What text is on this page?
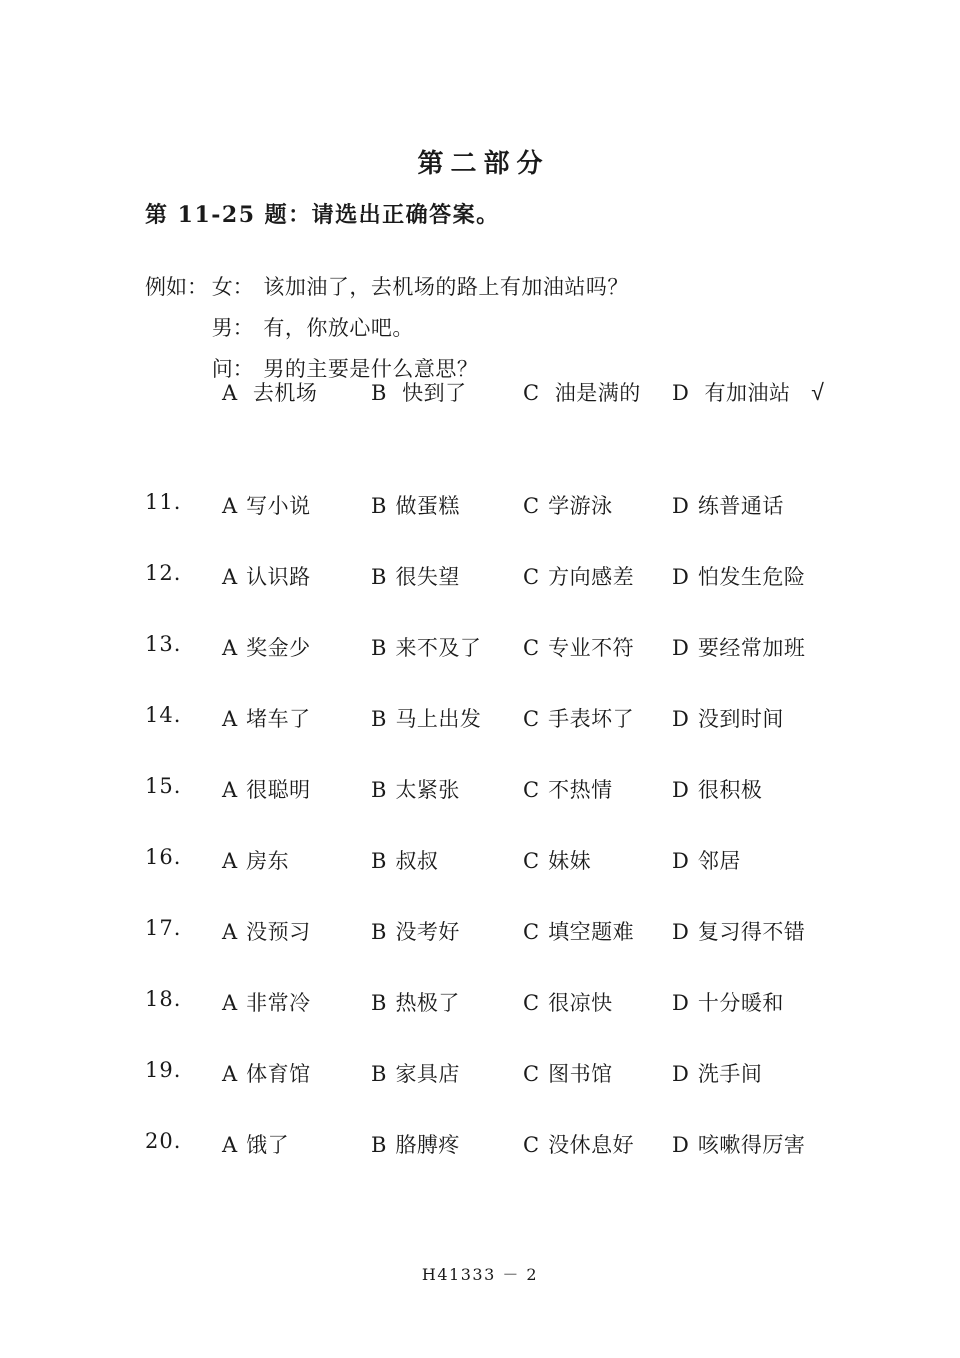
第二部分
第 11-25 题：请选出正确答案。
例如： 女： 该加油了，去机场的路上有加油站吗？
男： 有，你放心吧。
问： 男的主要是什么意思？
A 去机场	B 快到了	C 油是满的 D 有加油站 √
11. A 写小说	B 做蛋糕	C 学游泳	D 练普通话
12. A 认识路	B 很失望	C 方向感差 D 怕发生危险
13. A 奖金少	B 来不及了 C 专业不符 D 要经常加班
14. A 堵车了	B 马上出发 C 手表坏了 D 没到时间
15. A 很聪明	B 太紧张	C 不热情	D 很积极
16. A 房东	B 叔叔	C 妹妹	D 邻居
17. A 没预习	B 没考好	C 填空题难 D 复习得不错
18. A 非常冷	B 热极了	C 很凉快	D 十分暖和
19. A 体育馆	B 家具店	C 图书馆	D 洗手间
20. A 饿了	B 胳膊疼	C 没休息好 D 咳嗽得厉害
H41333 － 2
